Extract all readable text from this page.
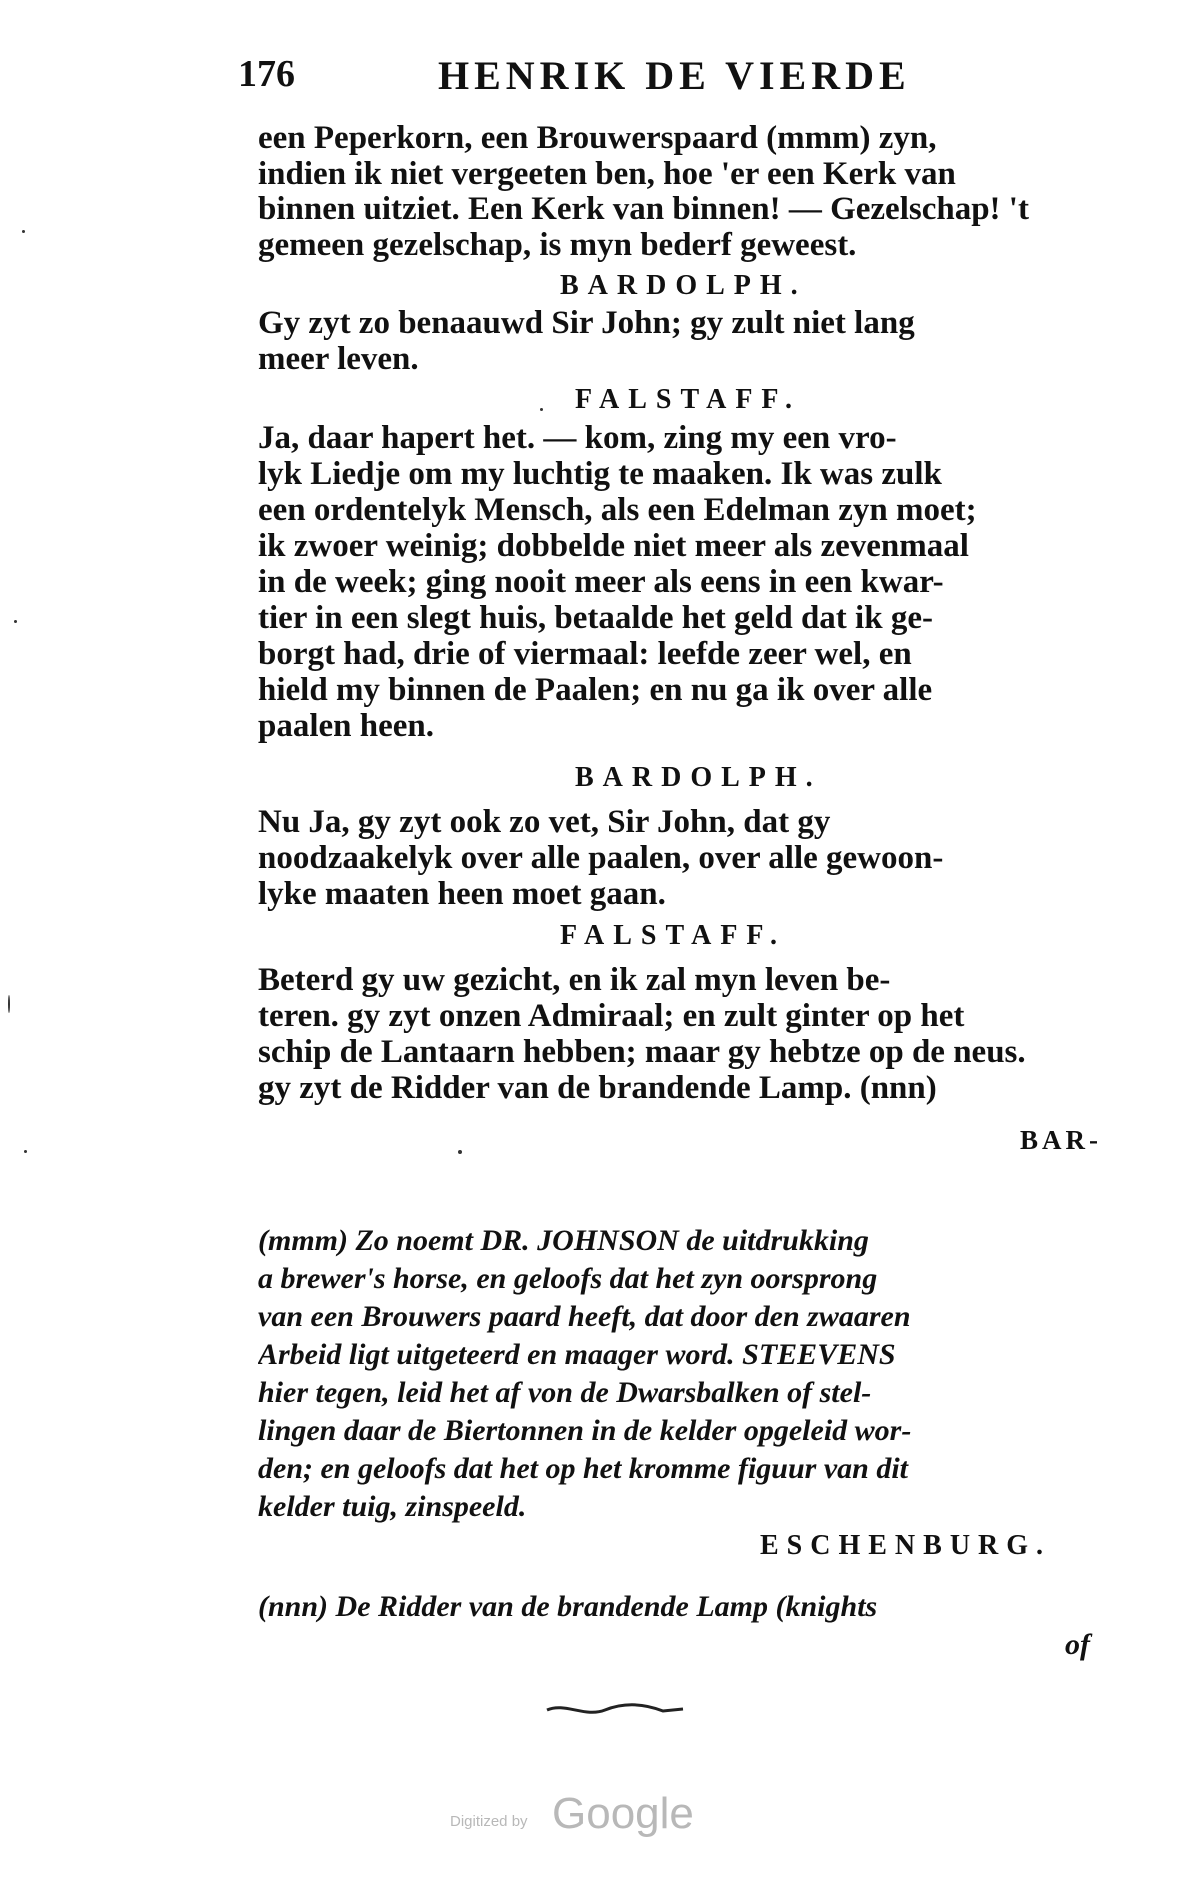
176	HENRIK DE VIERDE
een Peperkorn, een Brouwerspaard (mmm) zyn,
indien ik niet vergeeten ben, hoe 'er een Kerk van
binnen uitziet. Een Kerk van binnen! — Gezelschap! 't
gemeen gezelschap, is myn bederf geweest.
BARDOLPH.
Gy zyt zo benaauwd Sir John; gy zult niet lang
meer leven.
FALSTAFF.
Ja, daar hapert het. — kom, zing my een vro-
lyk Liedje om my luchtig te maaken. Ik was zulk
een ordentelyk Mensch, als een Edelman zyn moet;
ik zwoer weinig; dobbelde niet meer als zevenmaal
in de week; ging nooit meer als eens in een kwar-
tier in een slegt huis, betaalde het geld dat ik ge-
borgt had, drie of viermaal: leefde zeer wel, en
hield my binnen de Paalen; en nu ga ik over alle
paalen heen.
BARDOLPH.
Nu Ja, gy zyt ook zo vet, Sir John, dat gy
noodzaakelyk over alle paalen, over alle gewoon-
lyke maaten heen moet gaan.
FALSTAFF.
Beterd gy uw gezicht, en ik zal myn leven be-
teren. gy zyt onzen Admiraal; en zult ginter op het
schip de Lantaarn hebben; maar gy hebtze op de neus.
gy zyt de Ridder van de brandende Lamp. (nnn)
BAR-
(mmm) Zo noemt DR. JOHNSON de uitdrukking
a brewer's horse, en geloofs dat het zyn oorsprong
van een Brouwers paard heeft, dat door den zwaaren
Arbeid ligt uitgeteerd en maager word. STEEVENS
hier tegen, leid het af von de Dwarsbalken of stel-
lingen daar de Biertonnen in de kelder opgeleid wor-
den; en geloofs dat het op het kromme figuur van dit
kelder tuig, zinspeeld.
ESCHENBURG.
(nnn) De Ridder van de brandende Lamp (knights
of
Digitized by Google
